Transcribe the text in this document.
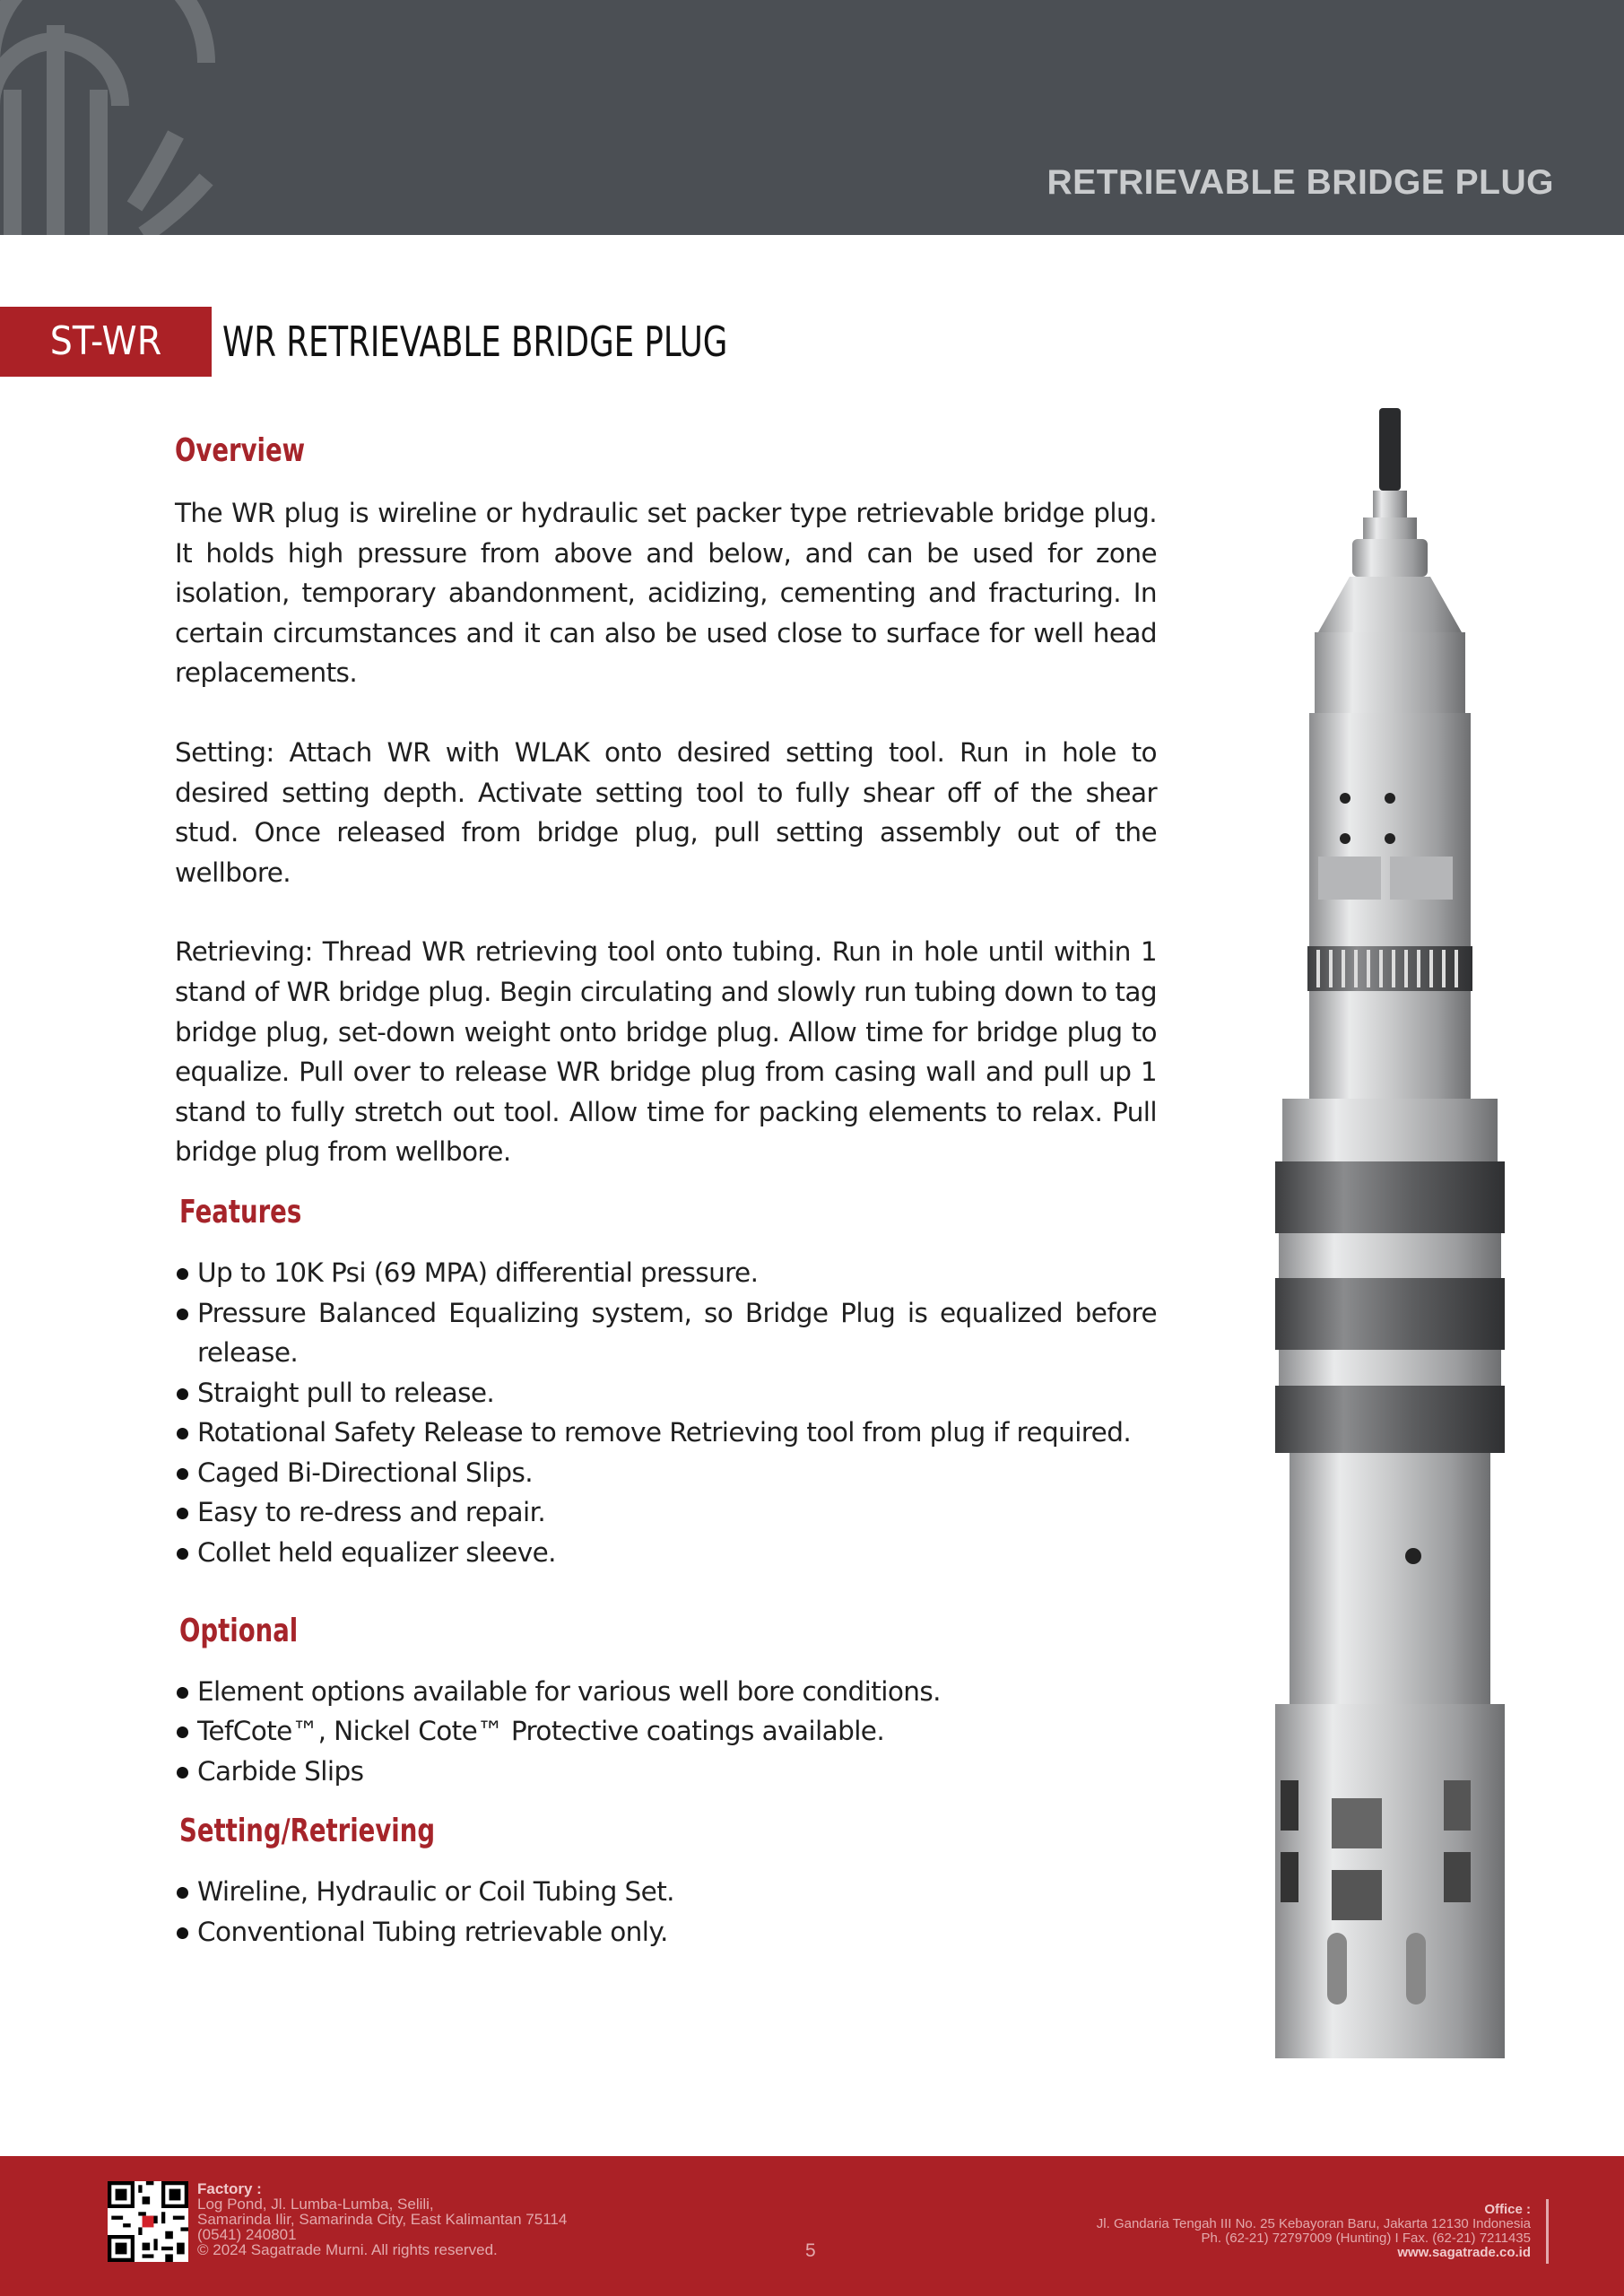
RETRIEVABLE BRIDGE PLUG
ST-WR	WR RETRIEVABLE BRIDGE PLUG
Overview

The WR plug is wireline or hydraulic set packer type retrievable bridge plug. It holds high pressure from above and below, and can be used for zone isolation, temporary abandonment, acidizing, cementing and fracturing. In certain circumstances and it can also be used close to surface for well head replacements.

Setting: Attach WR with WLAK onto desired setting tool. Run in hole to desired setting depth. Activate setting tool to fully shear off of the shear stud. Once released from bridge plug, pull setting assembly out of the wellbore.

Retrieving: Thread WR retrieving tool onto tubing. Run in hole until within 1 stand of WR bridge plug. Begin circulating and slowly run tubing down to tag bridge plug, set-down weight onto bridge plug. Allow time for bridge plug to equalize. Pull over to release WR bridge plug from casing wall and pull up 1 stand to fully stretch out tool. Allow time for packing elements to relax. Pull bridge plug from wellbore.

Features
Up to 10K Psi (69 MPA) differential pressure.
Pressure Balanced Equalizing system, so Bridge Plug is equalized before release.
Straight pull to release.
Rotational Safety Release to remove Retrieving tool from plug if required.
Caged Bi-Directional Slips.
Easy to re-dress and repair.
Collet held equalizer sleeve.
Optional
Element options available for various well bore conditions.
TefCote™, Nickel Cote™ Protective coatings available.
Carbide Slips
Setting/Retrieving
Wireline, Hydraulic or Coil Tubing Set.
Conventional Tubing retrievable only.
Factory :
Log Pond, Jl. Lumba-Lumba, Selili,
Samarinda Ilir, Samarinda City, East Kalimantan 75114
(0541) 240801
© 2024 Sagatrade Murni. All rights reserved.	5
Office :
Jl. Gandaria Tengah III No. 25 Kebayoran Baru, Jakarta 12130 Indonesia
Ph. (62-21) 72797009 (Hunting) I Fax. (62-21) 7211435
www.sagatrade.co.id
